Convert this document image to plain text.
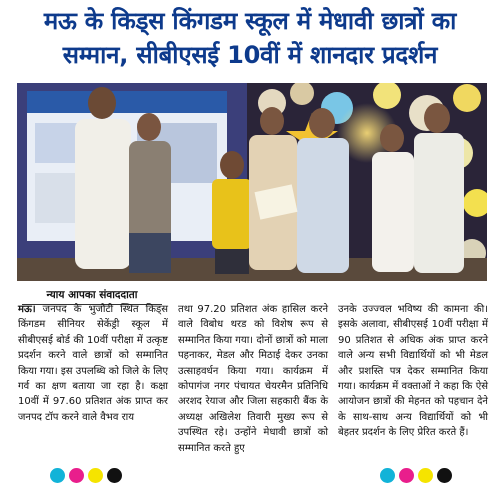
मऊ के किड्स किंगडम स्कूल में मेधावी छात्रों का
सम्मान, सीबीएसई 10वीं में शानदार प्रदर्शन
न्याय आपका संवाददाता

मऊ। जनपद के भुजौटी स्थित किड्स किंगडम सीनियर सेकेंड्री स्कूल में सीबीएसई बोर्ड की 10वीं परीक्षा में उत्कृष्ट प्रदर्शन करने वाले छात्रों को सम्मानित किया गया। इस उपलब्धि को जिले के लिए गर्व का क्षण बताया जा रहा है। कक्षा 10वीं में 97.60 प्रतिशत अंक प्राप्त कर जनपद टॉप करने वाले वैभव राय

तथा 97.20 प्रतिशत अंक हासिल करने वाले विबोध थरड को विशेष रूप से सम्मानित किया गया। दोनों छात्रों को माला पहनाकर, मेडल और मिठाई देकर उनका उत्साहवर्धन किया गया। कार्यक्रम में कोपागंज नगर पंचायत चेयरमैन प्रतिनिधि अरशद रेयाज और जिला सहकारी बैंक के अध्यक्ष अखिलेश तिवारी मुख्य रूप से उपस्थित रहे। उन्होंने मेधावी छात्रों को सम्मानित करते हुए

उनके उज्ज्वल भविष्य की कामना की। इसके अलावा, सीबीएसई 10वीं परीक्षा में 90 प्रतिशत से अधिक अंक प्राप्त करने वाले अन्य सभी विद्यार्थियों को भी मेडल और प्रशस्ति पत्र देकर सम्मानित किया गया। कार्यक्रम में वक्ताओं ने कहा कि ऐसे आयोजन छात्रों की मेहनत को पहचान देने के साथ-साथ अन्य विद्यार्थियों को भी बेहतर प्रदर्शन के लिए प्रेरित करते हैं।
